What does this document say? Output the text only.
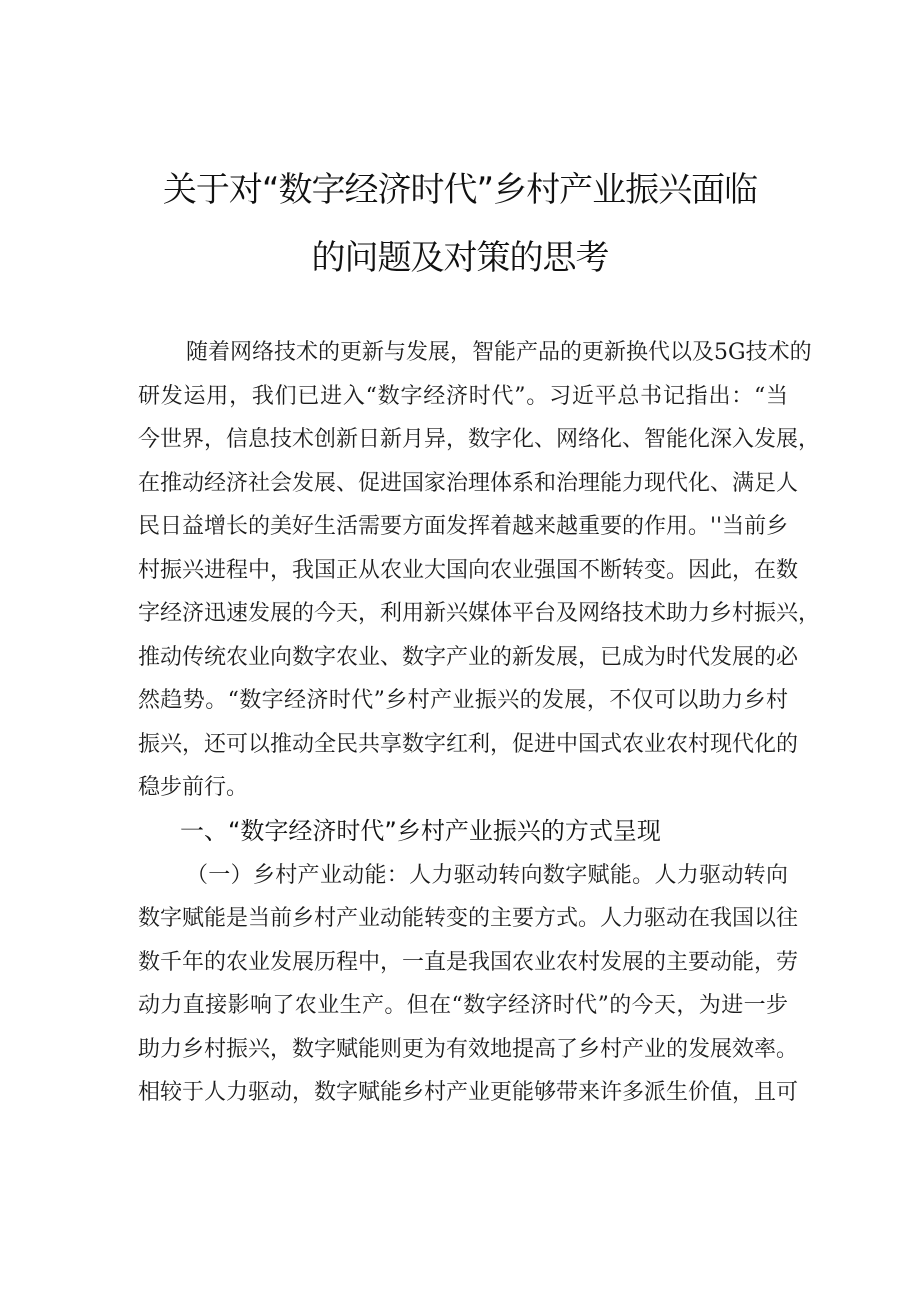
关于对“数字经济时代”乡村产业振兴面临
的问题及对策的思考

随着网络技术的更新与发展，智能产品的更新换代以及5G技术的

研发运用，我们已进入“数字经济时代”。习近平总书记指出：“当

今世界，信息技术创新日新月异，数字化、网络化、智能化深入发展，

在推动经济社会发展、促进国家治理体系和治理能力现代化、满足人

民日益增长的美好生活需要方面发挥着越来越重要的作用。''当前乡

村振兴进程中，我国正从农业大国向农业强国不断转变。因此，在数

字经济迅速发展的今天，利用新兴媒体平台及网络技术助力乡村振兴，

推动传统农业向数字农业、数字产业的新发展，已成为时代发展的必

然趋势。“数字经济时代”乡村产业振兴的发展，不仅可以助力乡村

振兴，还可以推动全民共享数字红利，促进中国式农业农村现代化的

稳步前行。

一、“数字经济时代”乡村产业振兴的方式呈现

（一）乡村产业动能：人力驱动转向数字赋能。人力驱动转向

数字赋能是当前乡村产业动能转变的主要方式。人力驱动在我国以往

数千年的农业发展历程中，一直是我国农业农村发展的主要动能，劳

动力直接影响了农业生产。但在“数字经济时代”的今天，为进一步

助力乡村振兴，数字赋能则更为有效地提高了乡村产业的发展效率。

相较于人力驱动，数字赋能乡村产业更能够带来许多派生价值，且可
